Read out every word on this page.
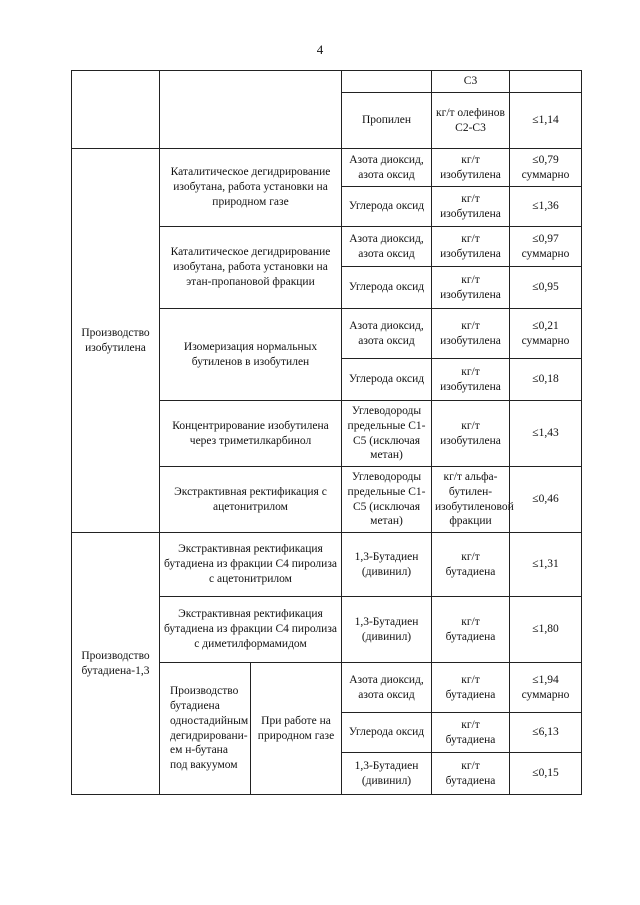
4
				С3	
			Пропилен	кг/т олефинов С2-С3	≤1,14
Производство изобутилена	Каталитическое дегидрирование изобутана, работа установки на природном газе		Азота диоксид, азота оксид	кг/т изобутилена	≤0,79 суммарно
			Углерода оксид	кг/т изобутилена	≤1,36
	Каталитическое дегидрирование изобутана, работа установки на этан-пропановой фракции		Азота диоксид, азота оксид	кг/т изобутилена	≤0,97 суммарно
			Углерода оксид	кг/т изобутилена	≤0,95
	Изомеризация нормальных бутиленов в изобутилен		Азота диоксид, азота оксид	кг/т изобутилена	≤0,21 суммарно
			Углерода оксид	кг/т изобутилена	≤0,18
	Концентрирование изобутилена через триметилкарбинол		Углеводороды предельные С1-С5 (исключая метан)	кг/т изобутилена	≤1,43
	Экстрактивная ректификация с ацетонитрилом		Углеводороды предельные С1-С5 (исключая метан)	кг/т альфа-бутилен-изобутиленовой фракции	≤0,46
Производство бутадиена-1,3	Экстрактивная ректификация бутадиена из фракции С4 пиролиза с ацетонитрилом		1,3-Бутадиен (дивинил)	кг/т бутадиена	≤1,31
	Экстрактивная ректификация бутадиена из фракции С4 пиролиза с диметилформамидом		1,3-Бутадиен (дивинил)	кг/т бутадиена	≤1,80
	Производство бутадиена одностадийным дегидрировани-ем н-бутана под вакуумом	При работе на природном газе	Азота диоксид, азота оксид	кг/т бутадиена	≤1,94 суммарно
			Углерода оксид	кг/т бутадиена	≤6,13
			1,3-Бутадиен (дивинил)	кг/т бутадиена	≤0,15
